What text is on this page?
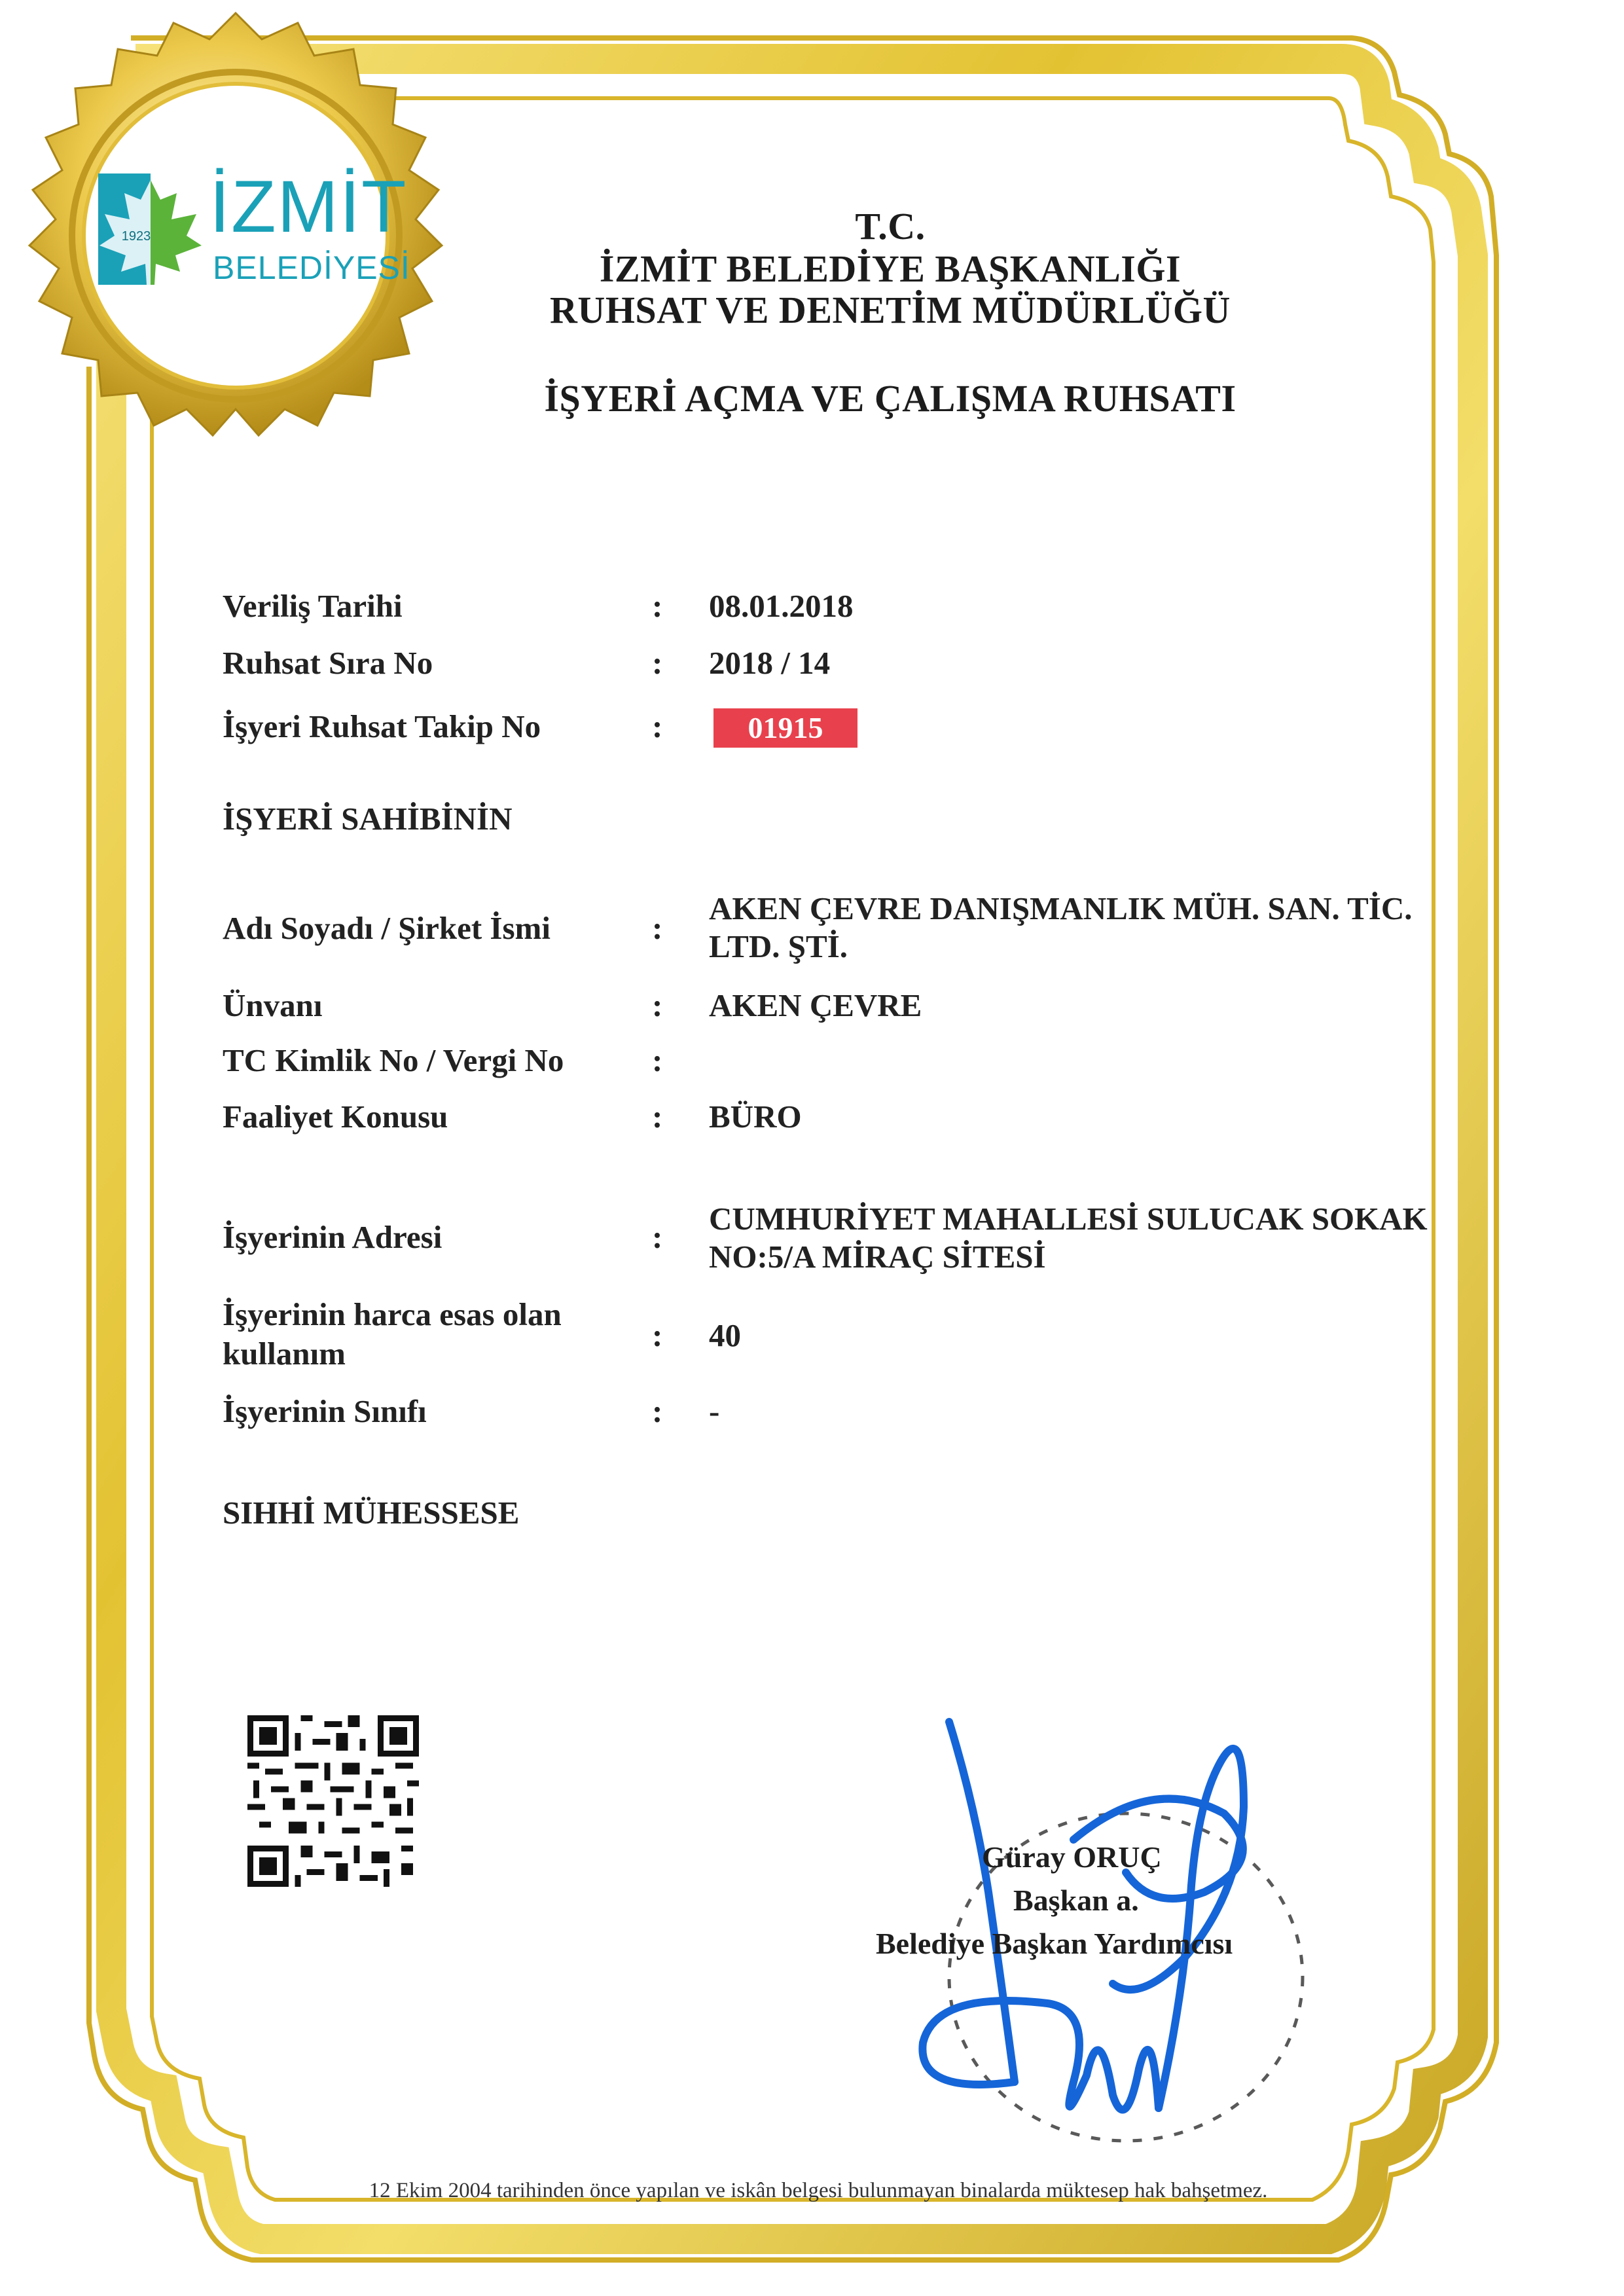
1923 İZMİT
BELEDİYESİ
T.C.
İZMİT BELEDİYE BAŞKANLIĞI
RUHSAT VE DENETİM MÜDÜRLÜĞÜ
İŞYERİ AÇMA VE ÇALIŞMA RUHSATI
Veriliş Tarihi	: 08.01.2018
Ruhsat Sıra No	: 2018 / 14
İşyeri Ruhsat Takip No	:	01915
İŞYERİ SAHİBİNİN
Adı Soyadı / Şirket İsmi	:
AKEN ÇEVRE DANIŞMANLIK MÜH. SAN. TİC.
LTD. ŞTİ.
Ünvanı	: AKEN ÇEVRE
TC Kimlik No / Vergi No	:
Faaliyet Konusu	: BÜRO
İşyerinin Adresi	:
CUMHURİYET MAHALLESİ SULUCAK SOKAK
NO:5/A MİRAÇ SİTESİ
İşyerinin harca esas olan
kullanım
: 40
İşyerinin Sınıfı	: -
SIHHİ MÜHESSESE
Güray ORUÇ
Başkan a.
Belediye Başkan Yardımcısı
12 Ekim 2004 tarihinden önce yapılan ve iskân belgesi bulunmayan binalarda müktesep hak bahşetmez.
